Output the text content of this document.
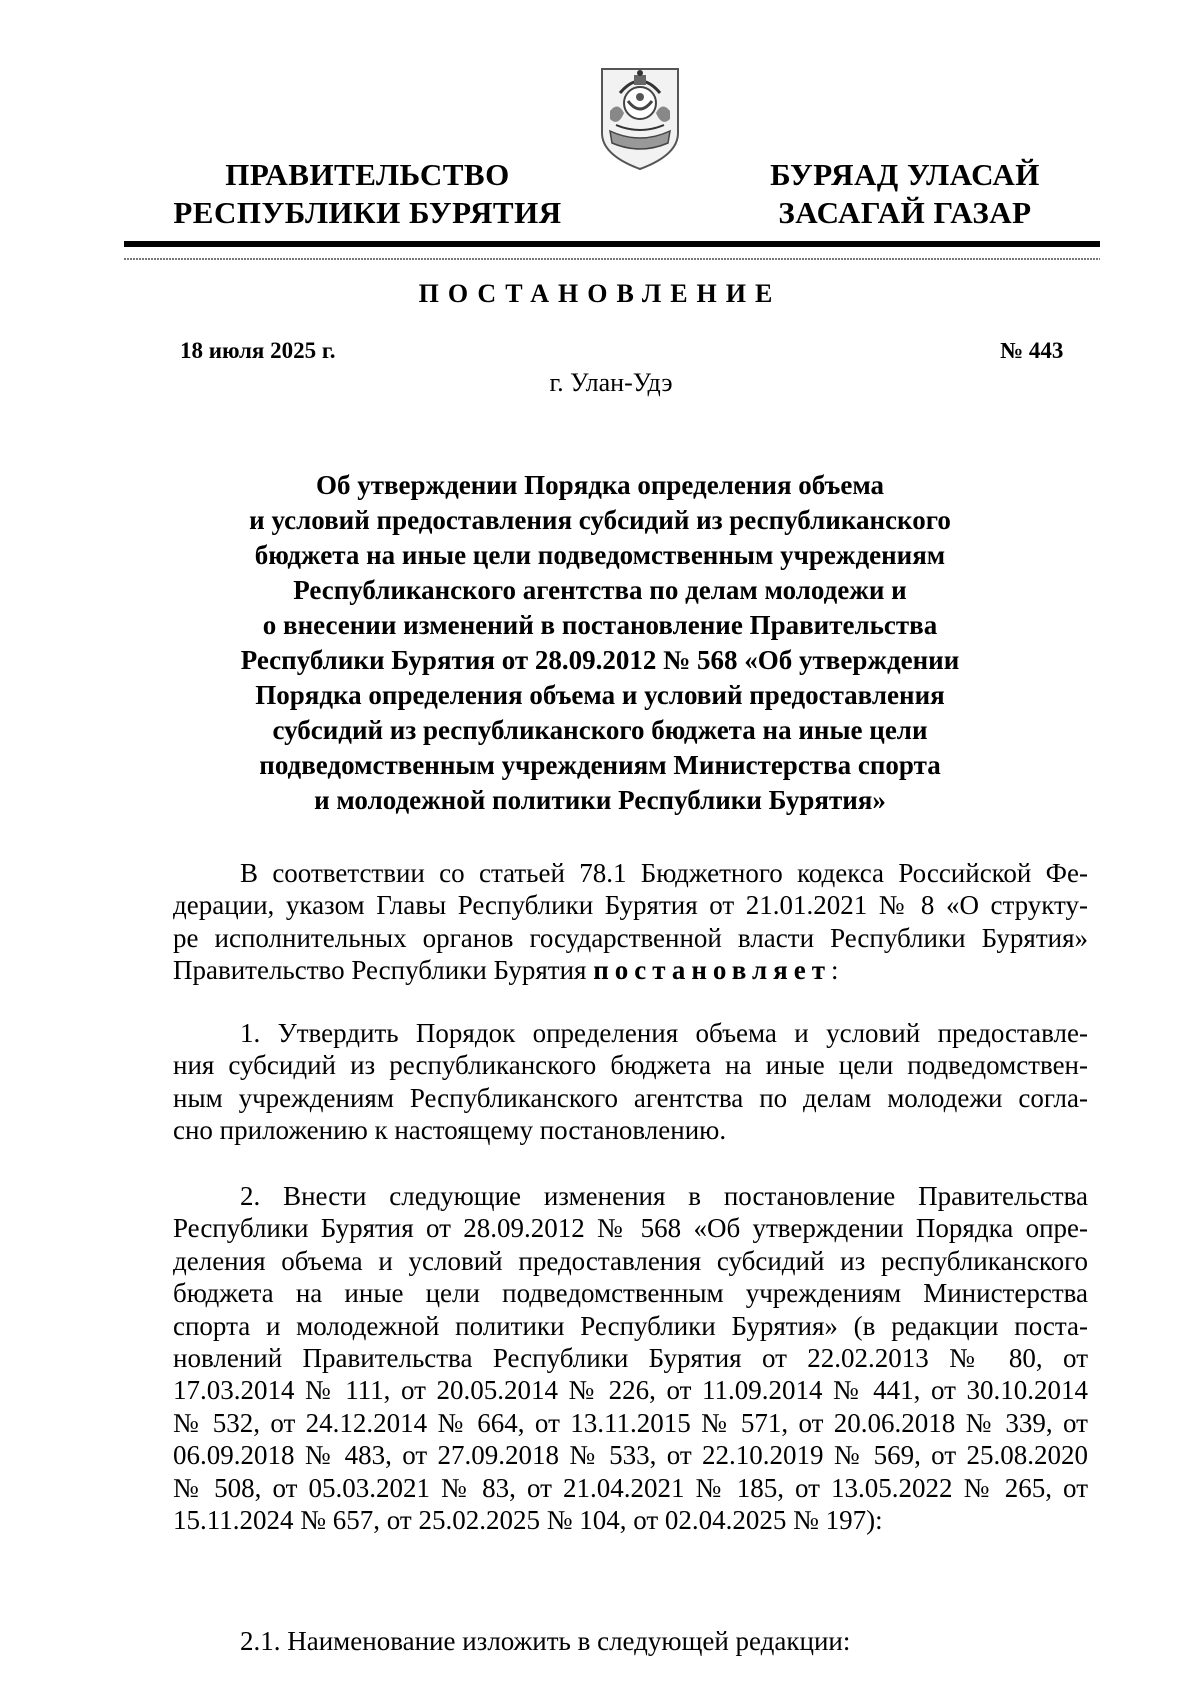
ПРАВИТЕЛЬСТВО
РЕСПУБЛИКИ БУРЯТИЯ
БУРЯАД УЛАСАЙ
ЗАСАГАЙ ГАЗАР
ПОСТАНОВЛЕНИЕ
18 июля 2025 г.	№ 443
г. Улан-Удэ
Об утверждении Порядка определения объема
и условий предоставления субсидий из республиканского
бюджета на иные цели подведомственным учреждениям
Республиканского агентства по делам молодежи и
о внесении изменений в постановление Правительства
Республики Бурятия от 28.09.2012 № 568 «Об утверждении
Порядка определения объема и условий предоставления
субсидий из республиканского бюджета на иные цели
подведомственным учреждениям Министерства спорта
и молодежной политики Республики Бурятия»
В соответствии со статьей 78.1 Бюджетного кодекса Российской Фе-
дерации, указом Главы Республики Бурятия от 21.01.2021 № 8 «О структу-
ре исполнительных органов государственной власти Республики Бурятия»
Правительство Республики Бурятия постановляет:
1. Утвердить Порядок определения объема и условий предоставле-
ния субсидий из республиканского бюджета на иные цели подведомствен-
ным учреждениям Республиканского агентства по делам молодежи согла-
сно приложению к настоящему постановлению.
2. Внести следующие изменения в постановление Правительства
Республики Бурятия от 28.09.2012 № 568 «Об утверждении Порядка опре-
деления объема и условий предоставления субсидий из республиканского
бюджета на иные цели подведомственным учреждениям Министерства
спорта и молодежной политики Республики Бурятия» (в редакции поста-
новлений Правительства Республики Бурятия от 22.02.2013 № 80, от
17.03.2014 № 111, от 20.05.2014 № 226, от 11.09.2014 № 441, от 30.10.2014
№ 532, от 24.12.2014 № 664, от 13.11.2015 № 571, от 20.06.2018 № 339, от
06.09.2018 № 483, от 27.09.2018 № 533, от 22.10.2019 № 569, от 25.08.2020
№ 508, от 05.03.2021 № 83, от 21.04.2021 № 185, от 13.05.2022 № 265, от
15.11.2024 № 657, от 25.02.2025 № 104, от 02.04.2025 № 197):
2.1. Наименование изложить в следующей редакции:
